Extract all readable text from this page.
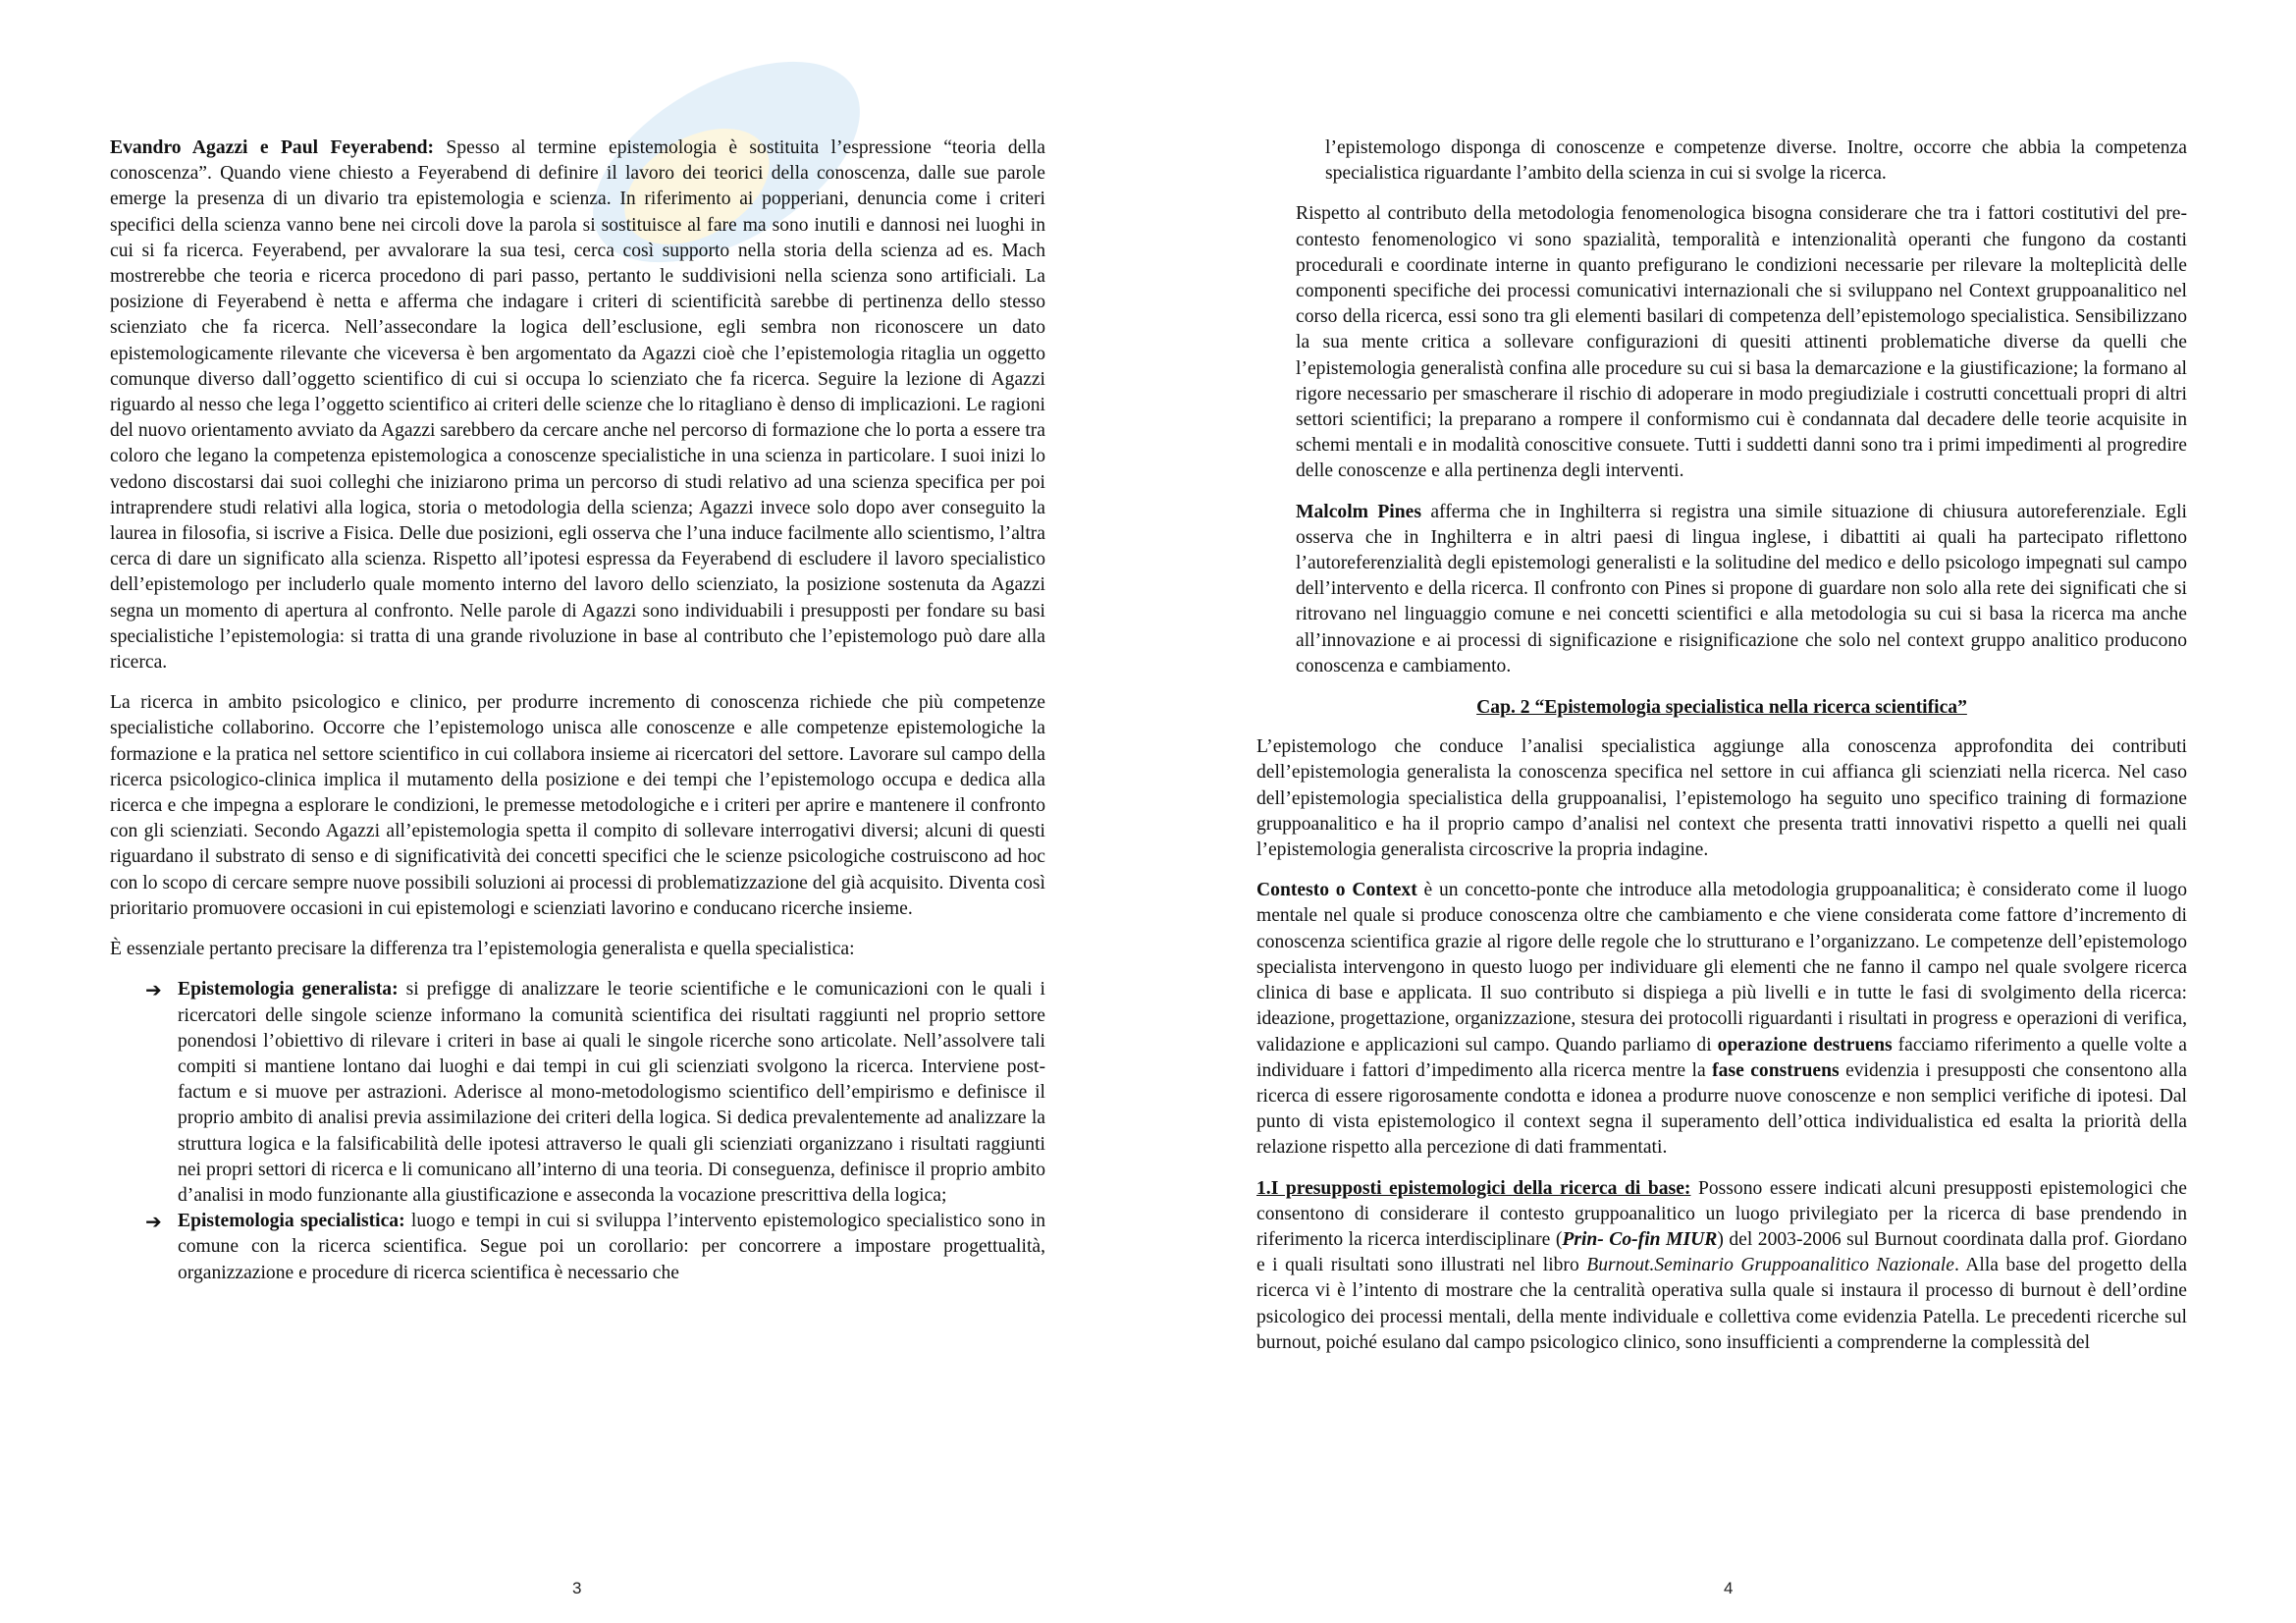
Evandro Agazzi e Paul Feyerabend: Spesso al termine epistemologia è sostituita l’espressione “teoria della conoscenza”. Quando viene chiesto a Feyerabend di definire il lavoro dei teorici della conoscenza, dalle sue parole emerge la presenza di un divario tra epistemologia e scienza. In riferimento ai popperiani, denuncia come i criteri specifici della scienza vanno bene nei circoli dove la parola si sostituisce al fare ma sono inutili e dannosi nei luoghi in cui si fa ricerca. Feyerabend, per avvalorare la sua tesi, cerca così supporto nella storia della scienza ad es. Mach mostrerebbe che teoria e ricerca procedono di pari passo, pertanto le suddivisioni nella scienza sono artificiali. La posizione di Feyerabend è netta e afferma che indagare i criteri di scientificità sarebbe di pertinenza dello stesso scienziato che fa ricerca. Nell’assecondare la logica dell’esclusione, egli sembra non riconoscere un dato epistemologicamente rilevante che viceversa è ben argomentato da Agazzi cioè che l’epistemologia ritaglia un oggetto comunque diverso dall’oggetto scientifico di cui si occupa lo scienziato che fa ricerca. Seguire la lezione di Agazzi riguardo al nesso che lega l’oggetto scientifico ai criteri delle scienze che lo ritagliano è denso di implicazioni. Le ragioni del nuovo orientamento avviato da Agazzi sarebbero da cercare anche nel percorso di formazione che lo porta a essere tra coloro che legano la competenza epistemologica a conoscenze specialistiche in una scienza in particolare. I suoi inizi lo vedono discostarsi dai suoi colleghi che iniziarono prima un percorso di studi relativo ad una scienza specifica per poi intraprendere studi relativi alla logica, storia o metodologia della scienza; Agazzi invece solo dopo aver conseguito la laurea in filosofia, si iscrive a Fisica. Delle due posizioni, egli osserva che l’una induce facilmente allo scientismo, l’altra cerca di dare un significato alla scienza. Rispetto all’ipotesi espressa da Feyerabend di escludere il lavoro specialistico dell’epistemologo per includerlo quale momento interno del lavoro dello scienziato, la posizione sostenuta da Agazzi segna un momento di apertura al confronto. Nelle parole di Agazzi sono individuabili i presupposti per fondare su basi specialistiche l’epistemologia: si tratta di una grande rivoluzione in base al contributo che l’epistemologo può dare alla ricerca.

La ricerca in ambito psicologico e clinico, per produrre incremento di conoscenza richiede che più competenze specialistiche collaborino. Occorre che l’epistemologo unisca alle conoscenze e alle competenze epistemologiche la formazione e la pratica nel settore scientifico in cui collabora insieme ai ricercatori del settore. Lavorare sul campo della ricerca psicologico-clinica implica il mutamento della posizione e dei tempi che l’epistemologo occupa e dedica alla ricerca e che impegna a esplorare le condizioni, le premesse metodologiche e i criteri per aprire e mantenere il confronto con gli scienziati. Secondo Agazzi all’epistemologia spetta il compito di sollevare interrogativi diversi; alcuni di questi riguardano il substrato di senso e di significatività dei concetti specifici che le scienze psicologiche costruiscono ad hoc con lo scopo di cercare sempre nuove possibili soluzioni ai processi di problematizzazione del già acquisito. Diventa così prioritario promuovere occasioni in cui epistemologi e scienziati lavorino e conducano ricerche insieme.

È essenziale pertanto precisare la differenza tra l’epistemologia generalista e quella specialistica:

➔ Epistemologia generalista: si prefigge di analizzare le teorie scientifiche e le comunicazioni con le quali i ricercatori delle singole scienze informano la comunità scientifica dei risultati raggiunti nel proprio settore ponendosi l’obiettivo di rilevare i criteri in base ai quali le singole ricerche sono articolate. Nell’assolvere tali compiti si mantiene lontano dai luoghi e dai tempi in cui gli scienziati svolgono la ricerca. Interviene post-factum e si muove per astrazioni. Aderisce al mono-metodologismo scientifico dell’empirismo e definisce il proprio ambito di analisi previa assimilazione dei criteri della logica. Si dedica prevalentemente ad analizzare la struttura logica e la falsificabilità delle ipotesi attraverso le quali gli scienziati organizzano i risultati raggiunti nei propri settori di ricerca e li comunicano all’interno di una teoria. Di conseguenza, definisce il proprio ambito d’analisi in modo funzionante alla giustificazione e asseconda la vocazione prescrittiva della logica;

➔ Epistemologia specialistica: luogo e tempi in cui si sviluppa l’intervento epistemologico specialistico sono in comune con la ricerca scientifica. Segue poi un corollario: per concorrere a impostare progettualità, organizzazione e procedure di ricerca scientifica è necessario che

3

l’epistemologo disponga di conoscenze e competenze diverse. Inoltre, occorre che abbia la competenza specialistica riguardante l’ambito della scienza in cui si svolge la ricerca.

Rispetto al contributo della metodologia fenomenologica bisogna considerare che tra i fattori costitutivi del pre-contesto fenomenologico vi sono spazialità, temporalità e intenzionalità operanti che fungono da costanti procedurali e coordinate interne in quanto prefigurano le condizioni necessarie per rilevare la molteplicità delle componenti specifiche dei processi comunicativi internazionali che si sviluppano nel Context gruppoanalitico nel corso della ricerca, essi sono tra gli elementi basilari di competenza dell’epistemologo specialistica. Sensibilizzano la sua mente critica a sollevare configurazioni di quesiti attinenti problematiche diverse da quelli che l’epistemologia generalistà confina alle procedure su cui si basa la demarcazione e la giustificazione; la formano al rigore necessario per smascherare il rischio di adoperare in modo pregiudiziale i costrutti concettuali propri di altri settori scientifici; la preparano a rompere il conformismo cui è condannata dal decadere delle teorie acquisite in schemi mentali e in modalità conoscitive consuete. Tutti i suddetti danni sono tra i primi impedimenti al progredire delle conoscenze e alla pertinenza degli interventi.

Malcolm Pines afferma che in Inghilterra si registra una simile situazione di chiusura autoreferenziale. Egli osserva che in Inghilterra e in altri paesi di lingua inglese, i dibattiti ai quali ha partecipato riflettono l’autoreferenzialità degli epistemologi generalisti e la solitudine del medico e dello psicologo impegnati sul campo dell’intervento e della ricerca. Il confronto con Pines si propone di guardare non solo alla rete dei significati che si ritrovano nel linguaggio comune e nei concetti scientifici e alla metodologia su cui si basa la ricerca ma anche all’innovazione e ai processi di significazione e risignificazione che solo nel context gruppo analitico producono conoscenza e cambiamento.

Cap. 2 “Epistemologia specialistica nella ricerca scientifica”

L’epistemologo che conduce l’analisi specialistica aggiunge alla conoscenza approfondita dei contributi dell’epistemologia generalista la conoscenza specifica nel settore in cui affianca gli scienziati nella ricerca. Nel caso dell’epistemologia specialistica della gruppoanalisi, l’epistemologo ha seguito uno specifico training di formazione gruppoanalitico e ha il proprio campo d’analisi nel context che presenta tratti innovativi rispetto a quelli nei quali l’epistemologia generalista circoscrive la propria indagine.

Contesto o Context è un concetto-ponte che introduce alla metodologia gruppoanalitica; è considerato come il luogo mentale nel quale si produce conoscenza oltre che cambiamento e che viene considerata come fattore d’incremento di conoscenza scientifica grazie al rigore delle regole che lo strutturano e l’organizzano. Le competenze dell’epistemologo specialista intervengono in questo luogo per individuare gli elementi che ne fanno il campo nel quale svolgere ricerca clinica di base e applicata. Il suo contributo si dispiega a più livelli e in tutte le fasi di svolgimento della ricerca: ideazione, progettazione, organizzazione, stesura dei protocolli riguardanti i risultati in progress e operazioni di verifica, validazione e applicazioni sul campo. Quando parliamo di operazione destruens facciamo riferimento a quelle volte a individuare i fattori d’impedimento alla ricerca mentre la fase construens evidenzia i presupposti che consentono alla ricerca di essere rigorosamente condotta e idonea a produrre nuove conoscenze e non semplici verifiche di ipotesi. Dal punto di vista epistemologico il context segna il superamento dell’ottica individualistica ed esalta la priorità della relazione rispetto alla percezione di dati frammentati.

1.I presupposti epistemologici della ricerca di base: Possono essere indicati alcuni presupposti epistemologici che consentono di considerare il contesto gruppoanalitico un luogo privilegiato per la ricerca di base prendendo in riferimento la ricerca interdisciplinare (Prin- Co-fin MIUR) del 2003-2006 sul Burnout coordinata dalla prof. Giordano e i quali risultati sono illustrati nel libro Burnout.Seminario Gruppoanalitico Nazionale. Alla base del progetto della ricerca vi è l’intento di mostrare che la centralità operativa sulla quale si instaura il processo di burnout è dell’ordine psicologico dei processi mentali, della mente individuale e collettiva come evidenzia Patella. Le precedenti ricerche sul burnout, poiché esulano dal campo psicologico clinico, sono insufficienti a comprenderne la complessità del

4
